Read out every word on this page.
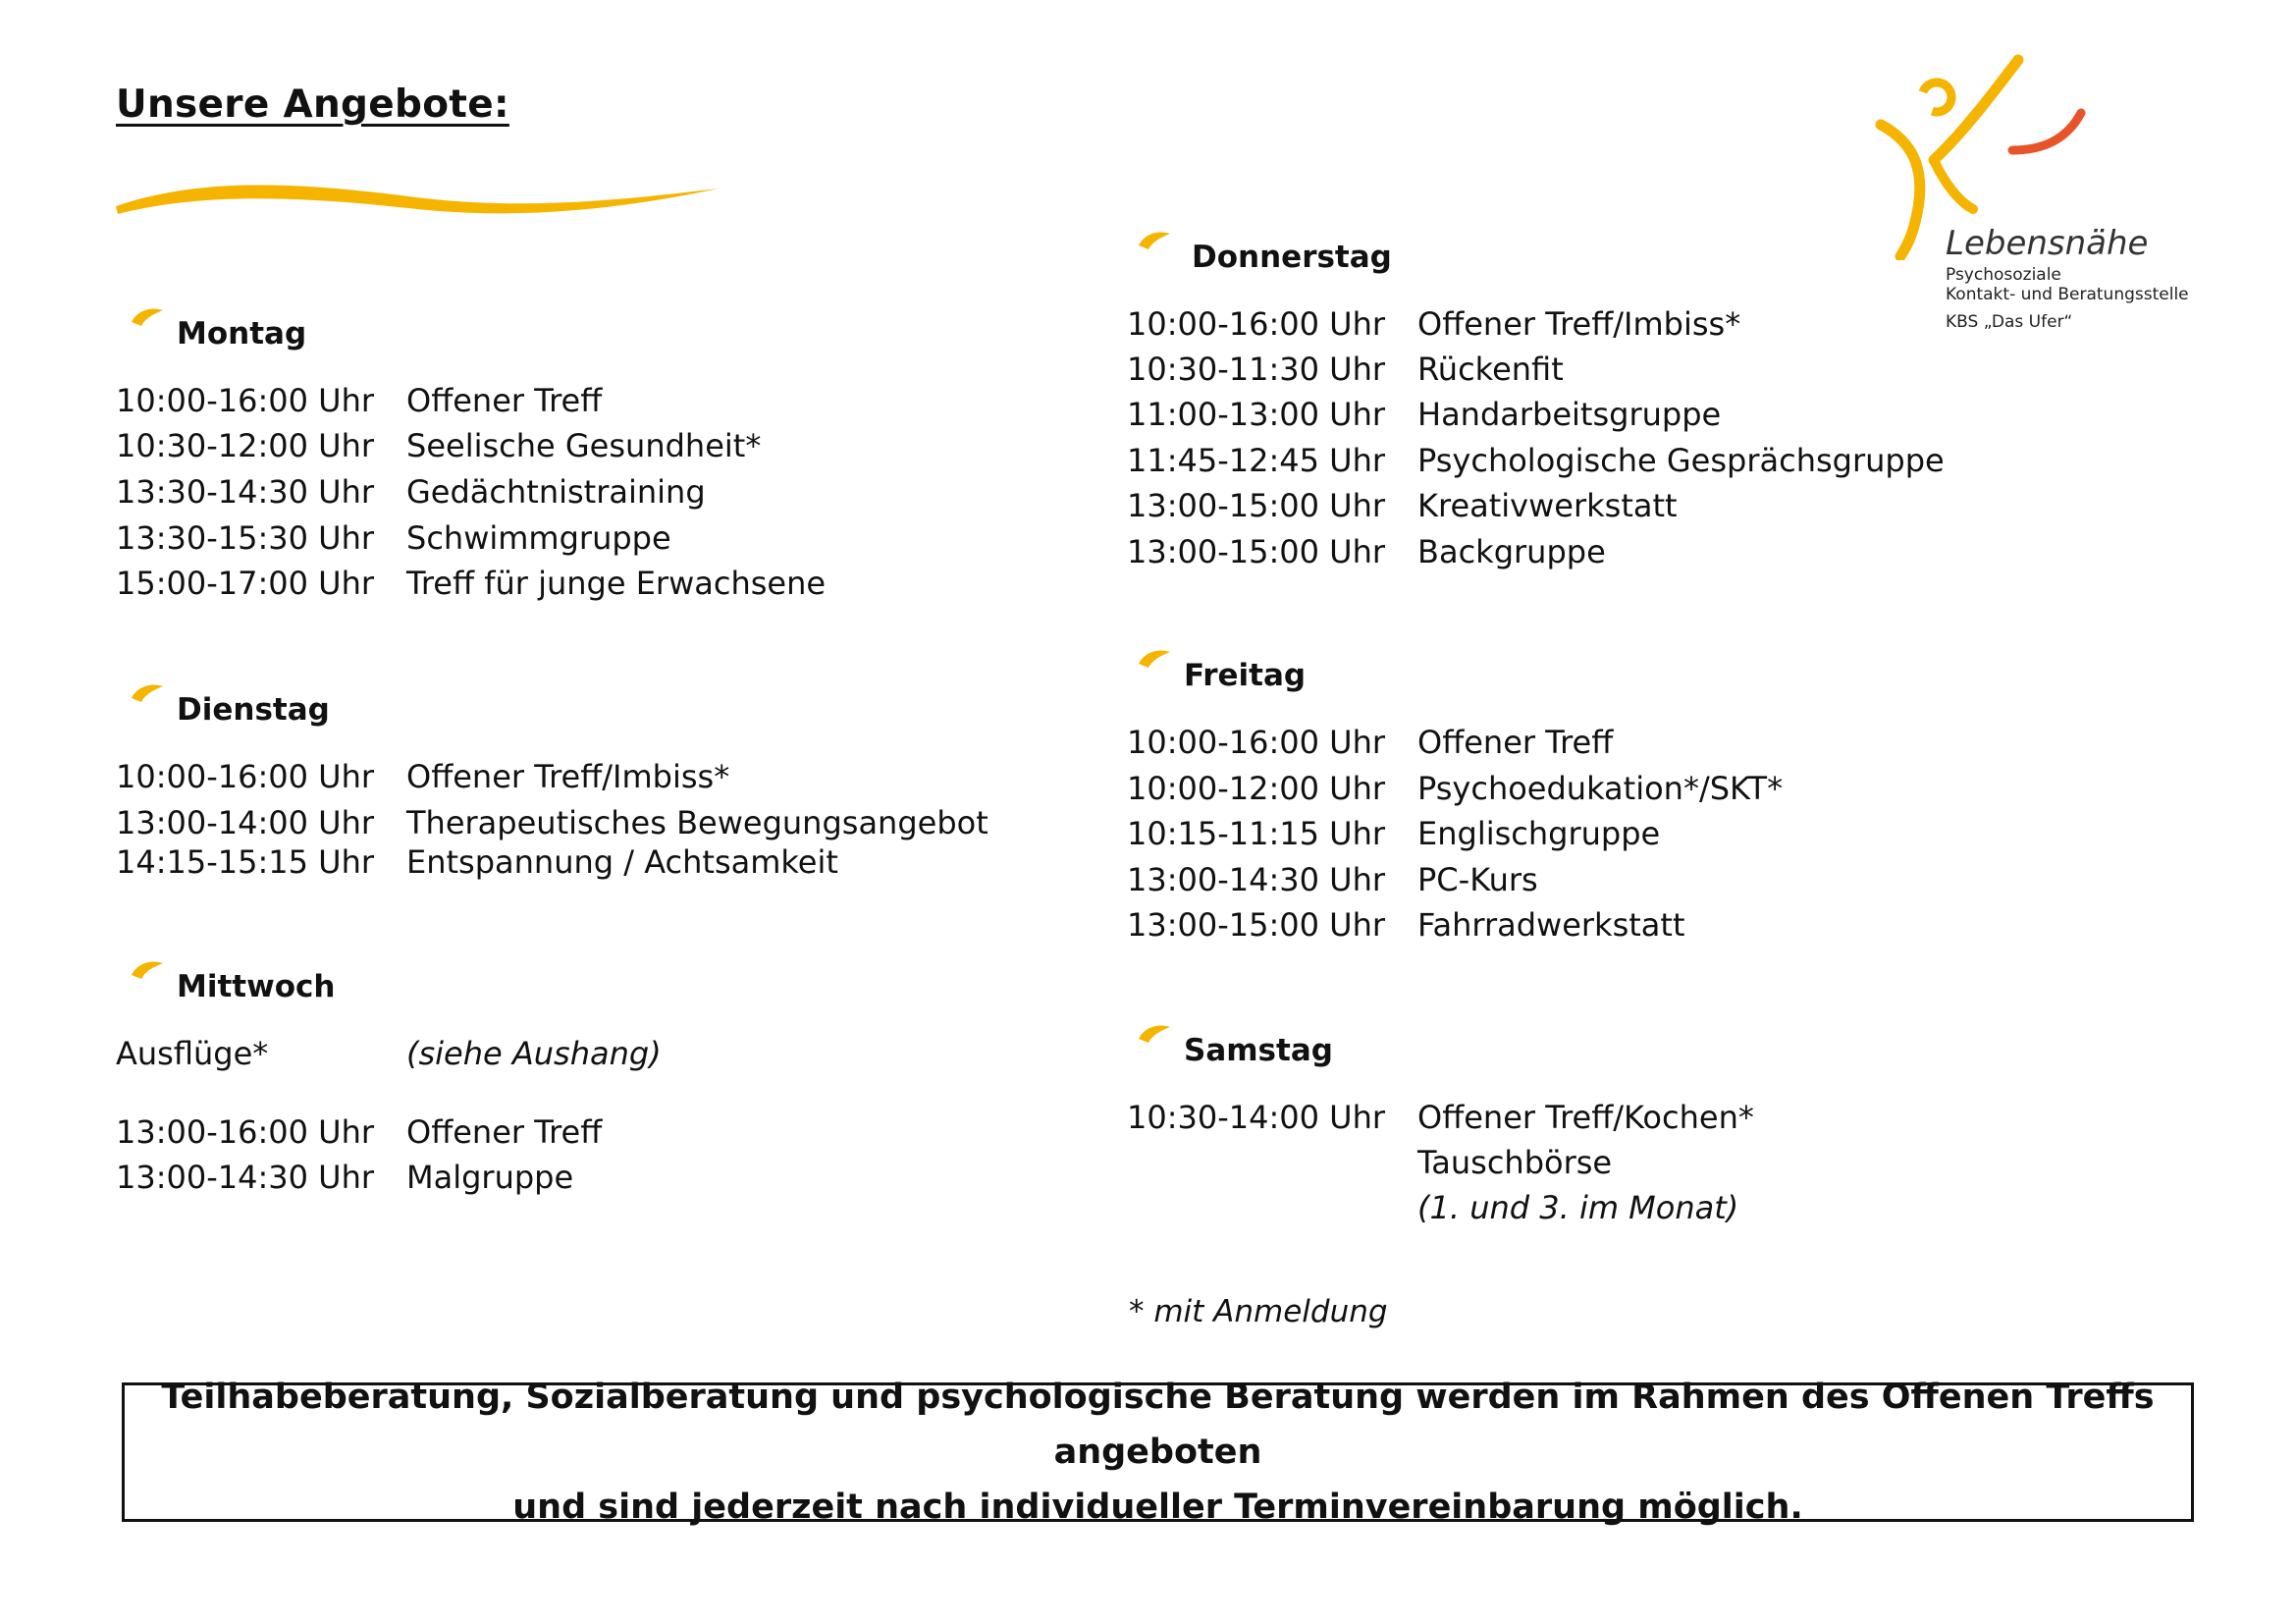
Unsere Angebote:
Lebensnähe
Psychosoziale
Kontakt- und Beratungsstelle
KBS „Das Ufer“
Montag
10:00-16:00 Uhr Offener Treff
10:30-12:00 Uhr Seelische Gesundheit*
13:30-14:30 Uhr Gedächtnistraining
13:30-15:30 Uhr Schwimmgruppe
15:00-17:00 Uhr Treff für junge Erwachsene
Dienstag
10:00-16:00 Uhr Offener Treff/Imbiss*
13:00-14:00 Uhr Therapeutisches Bewegungsangebot
14:15-15:15 Uhr Entspannung / Achtsamkeit
Mittwoch
Ausflüge*	(siehe Aushang)
13:00-16:00 Uhr Offener Treff
13:00-14:30 Uhr Malgruppe
Donnerstag
10:00-16:00 Uhr Offener Treff/Imbiss*
10:30-11:30 Uhr Rückenfit
11:00-13:00 Uhr Handarbeitsgruppe
11:45-12:45 Uhr Psychologische Gesprächsgruppe
13:00-15:00 Uhr Kreativwerkstatt
13:00-15:00 Uhr Backgruppe
Freitag
10:00-16:00 Uhr Offener Treff
10:00-12:00 Uhr Psychoedukation*/SKT*
10:15-11:15 Uhr Englischgruppe
13:00-14:30 Uhr PC-Kurs
13:00-15:00 Uhr Fahrradwerkstatt
Samstag
10:30-14:00 Uhr Offener Treff/Kochen*
Tauschbörse
(1. und 3. im Monat)
* mit Anmeldung
Teilhabeberatung, Sozialberatung und psychologische Beratung werden im Rahmen des Offenen Treffs angeboten
und sind jederzeit nach individueller Terminvereinbarung möglich.
